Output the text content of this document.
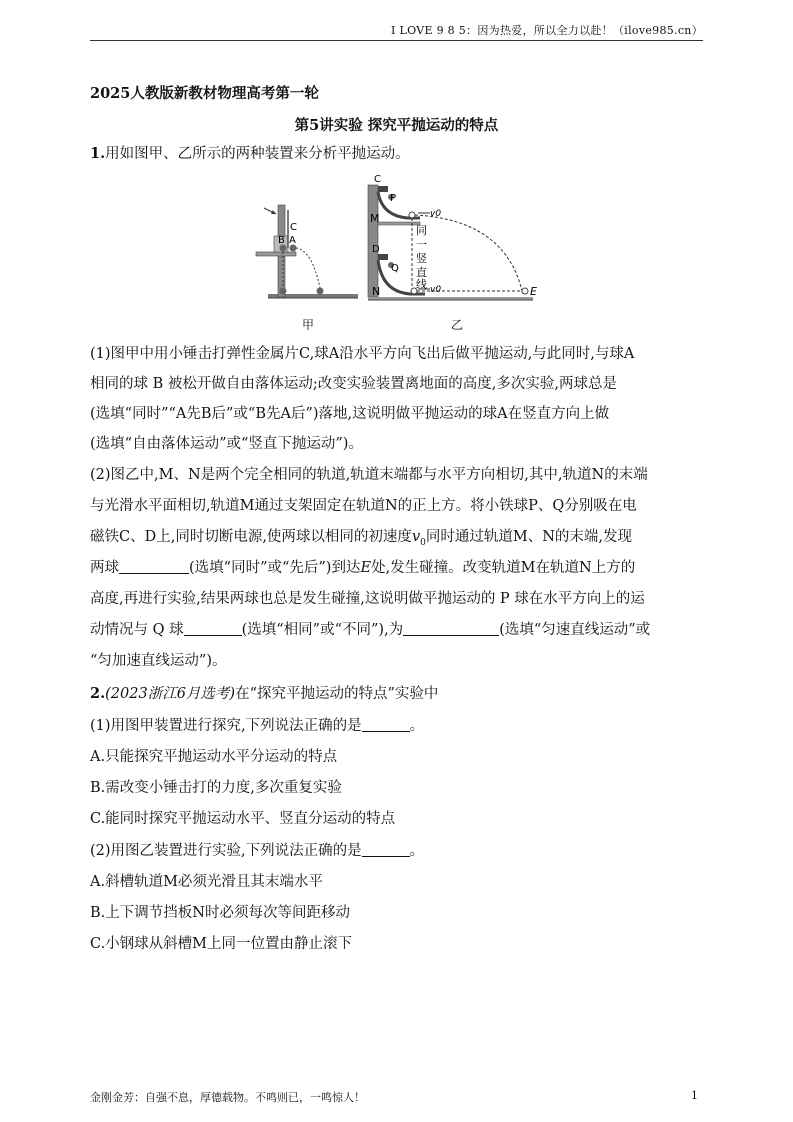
I LOVE 9 8 5：因为热爱，所以全力以赴！（ilove985.cn）
2025人教版新教材物理高考第一轮
第5讲实验 探究平抛运动的特点
1.用如图甲、乙所示的两种装置来分析平抛运动。
B
C
A
C
P
M	v0
D
Q
N	v0	E
同
一
竖
直
线
甲	乙
(1)图甲中用小锤击打弹性金属片C,球A沿水平方向飞出后做平抛运动,与此同时,与球A
相同的球 B 被松开做自由落体运动;改变实验装置离地面的高度,多次实验,两球总是
(选填“同时”“A先B后”或“B先A后”)落地,这说明做平抛运动的球A在竖直方向上做
(选填“自由落体运动”或“竖直下抛运动”)。
(2)图乙中,M、N是两个完全相同的轨道,轨道末端都与水平方向相切,其中,轨道N的末端
与光滑水平面相切,轨道M通过支架固定在轨道N的正上方。将小铁球P、Q分别吸在电
磁铁C、D上,同时切断电源,使两球以相同的初速度$v_0$同时通过轨道M、N的末端,发现
两球	(选填“同时”或“先后”)到达E处,发生碰撞。改变轨道M在轨道N上方的
高度,再进行实验,结果两球也总是发生碰撞,这说明做平抛运动的 P 球在水平方向上的运
动情况与 Q 球	(选填“相同”或“不同”),为	(选填“匀速直线运动”或
“匀加速直线运动”)。
2.(2023浙江6月选考)在“探究平抛运动的特点”实验中
(1)用图甲装置进行探究,下列说法正确的是	。
A.只能探究平抛运动水平分运动的特点
B.需改变小锤击打的力度,多次重复实验
C.能同时探究平抛运动水平、竖直分运动的特点
(2)用图乙装置进行实验,下列说法正确的是	。
A.斜槽轨道M必须光滑且其末端水平
B.上下调节挡板N时必须每次等间距移动
C.小钢球从斜槽M上同一位置由静止滚下
金刚金芳：自强不息，厚德载物。不鸣则已，一鸣惊人！	1
